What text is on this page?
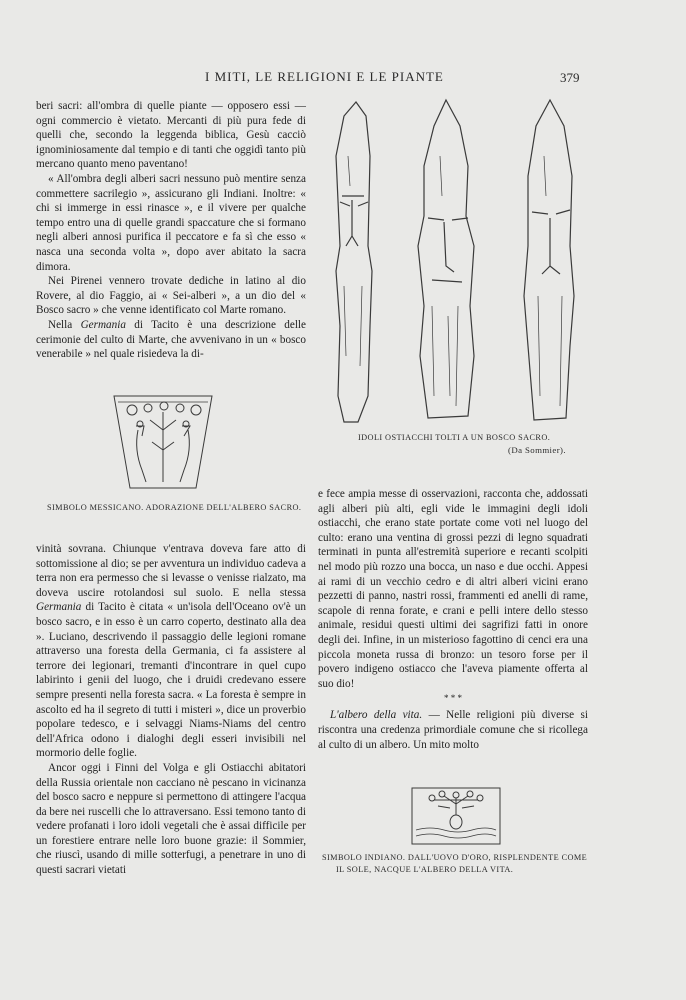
I MITI, LE RELIGIONI E LE PIANTE	379

beri sacri: all'ombra di quelle piante — opposero essi — ogni commercio è vietato. Mercanti di più pura fede di quelli che, secondo la leggenda biblica, Gesù cacciò ignominiosamente dal tempio e di tanti che oggidì tanto più mercano quanto meno paventano!

« All'ombra degli alberi sacri nessuno può mentire senza commettere sacrilegio », assicurano gli Indiani. Inoltre: « chi si immerge in essi rinasce », e il vivere per qualche tempo entro una di quelle grandi spaccature che si formano negli alberi annosi purifica il peccatore e fa sì che esso « nasca una seconda volta », dopo aver abitato la sacra dimora.

Nei Pirenei vennero trovate dediche in latino al dio Rovere, al dio Faggio, ai « Sei-alberi », a un dio del « Bosco sacro » che venne identificato col Marte romano.

Nella Germania di Tacito è una descrizione delle cerimonie del culto di Marte, che avvenivano in un « bosco venerabile » nel quale risiedeva la di-

IDOLI OSTIACCHI TOLTI A UN BOSCO SACRO.
(Da Sommier).
SIMBOLO MESSICANO. ADORAZIONE DELL'ALBERO SACRO.

vinità sovrana. Chiunque v'entrava doveva fare atto di sottomissione al dio; se per avventura un individuo cadeva a terra non era permesso che si levasse o venisse rialzato, ma doveva uscire rotolandosi sul suolo. E nella stessa Germania di Tacito è citata « un'isola dell'Oceano ov'è un bosco sacro, e in esso è un carro coperto, destinato alla dea ». Luciano, descrivendo il passaggio delle legioni romane attraverso una foresta della Germania, ci fa assistere al terrore dei legionari, tremanti d'incontrare in quel cupo labirinto i genii del luogo, che i druidi credevano essere sempre presenti nella foresta sacra. « La foresta è sempre in ascolto ed ha il segreto di tutti i misteri », dice un proverbio popolare tedesco, e i selvaggi Niams-Niams del centro dell'Africa odono i dialoghi degli esseri invisibili nel mormorio delle foglie.

Ancor oggi i Finni del Volga e gli Ostiacchi abitatori della Russia orientale non cacciano nè pescano in vicinanza del bosco sacro e neppure si permettono di attingere l'acqua da bere nei ruscelli che lo attraversano. Essi temono tanto di vedere profanati i loro idoli vegetali che è assai difficile per un forestiere entrare nelle loro buone grazie: il Sommier, che riuscì, usando di mille sotterfugi, a penetrare in uno di questi sacrari vietati

e fece ampia messe di osservazioni, racconta che, addossati agli alberi più alti, egli vide le immagini degli idoli ostiacchi, che erano state portate come voti nel luogo del culto: erano una ventina di grossi pezzi di legno squadrati terminati in punta all'estremità superiore e recanti scolpiti nel modo più rozzo una bocca, un naso e due occhi. Appesi ai rami di un vecchio cedro e di altri alberi vicini erano pezzetti di panno, nastri rossi, frammenti ed anelli di rame, scapole di renna forate, e crani e pelli intere dello stesso animale, residui questi ultimi dei sagrifizi fatti in onore degli dei. Infine, in un misterioso fagottino di cenci era una piccola moneta russa di bronzo: un tesoro forse per il povero indigeno ostiacco che l'aveva piamente offerta al suo dio!

* * *

L'albero della vita. — Nelle religioni più diverse si riscontra una credenza primordiale comune che si ricollega al culto di un albero. Un mito molto

SIMBOLO INDIANO. DALL'UOVO D'ORO, RISPLENDENTE COME
IL SOLE, NACQUE L'ALBERO DELLA VITA.
